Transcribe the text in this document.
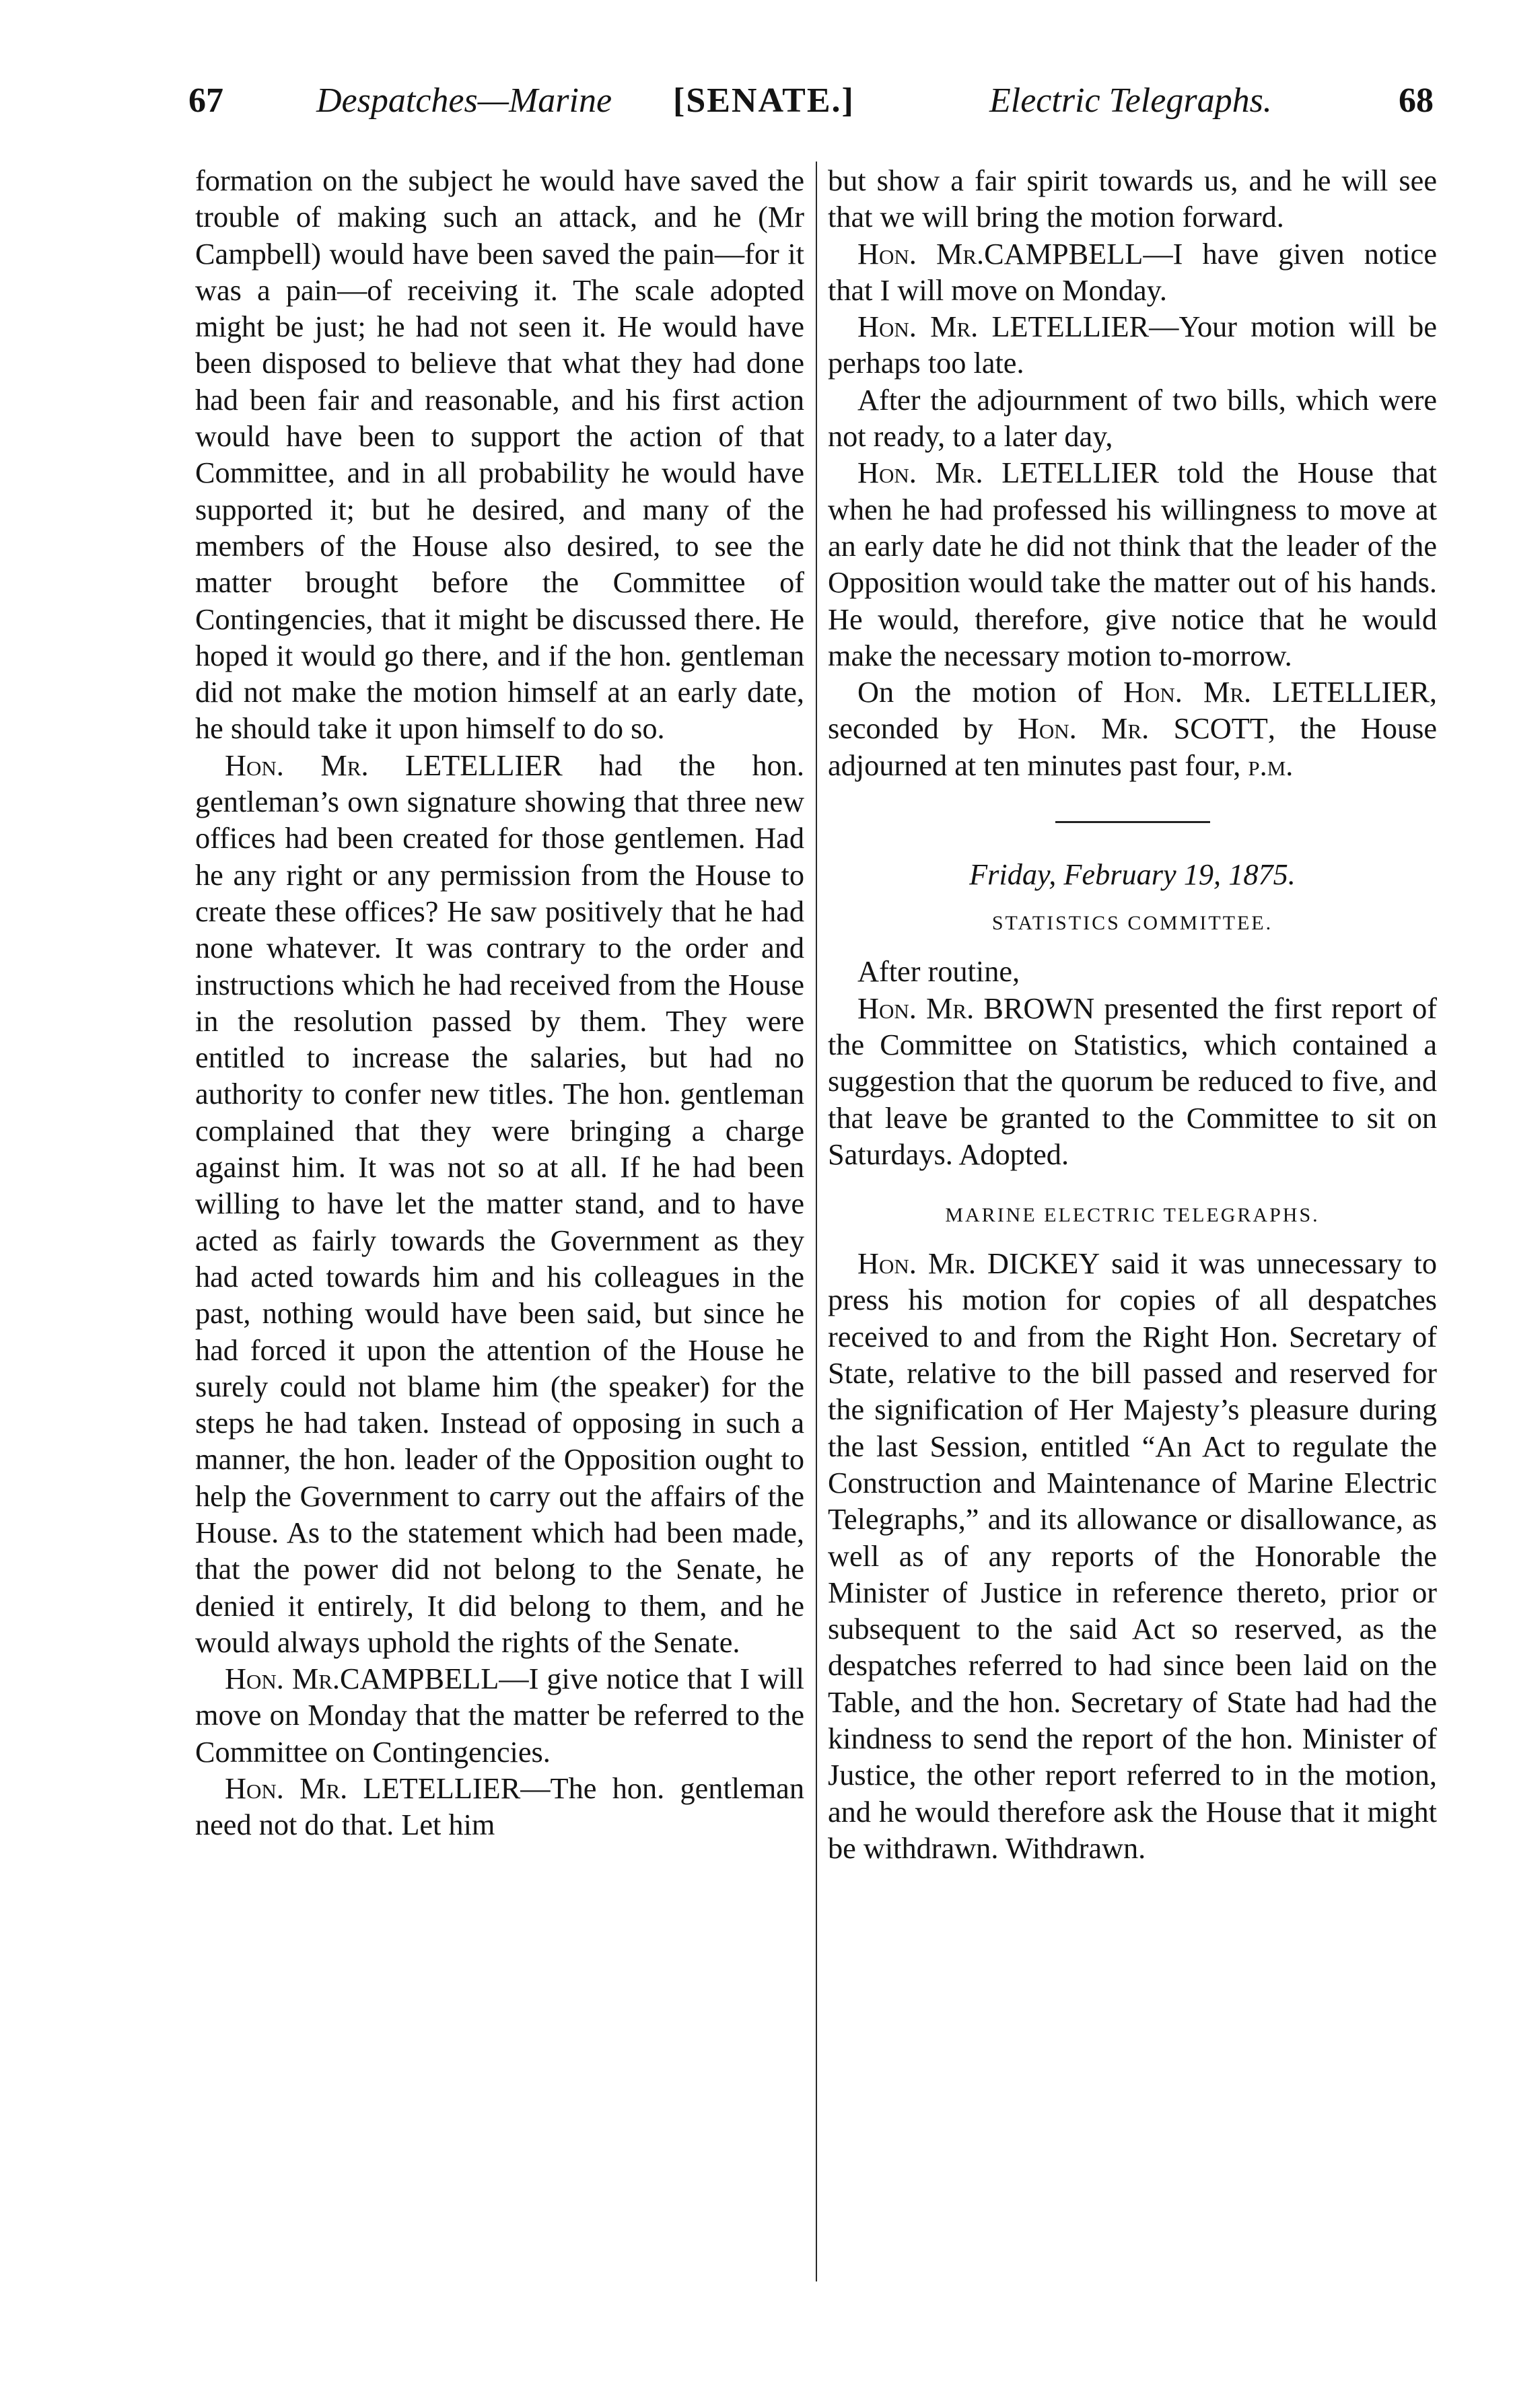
67	Despatches—Marine [SENATE.]	Electric Telegraphs.	68

formation on the subject he would have saved the trouble of making such an attack, and he (Mr Campbell) would have been saved the pain—for it was a pain—of receiving it. The scale adopted might be just; he had not seen it. He would have been disposed to believe that what they had done had been fair and reasonable, and his first action would have been to support the action of that Committee, and in all probability he would have supported it; but he desired, and many of the members of the House also desired, to see the matter brought before the Committee of Contingencies, that it might be discussed there. He hoped it would go there, and if the hon. gentleman did not make the motion himself at an early date, he should take it upon himself to do so.

Hon. Mr. LETELLIER had the hon. gentleman’s own signature showing that three new offices had been created for those gentlemen. Had he any right or any permission from the House to create these offices? He saw positively that he had none whatever. It was contrary to the order and instructions which he had received from the House in the resolution passed by them. They were entitled to increase the salaries, but had no authority to confer new titles. The hon. gentleman complained that they were bringing a charge against him. It was not so at all. If he had been willing to have let the matter stand, and to have acted as fairly towards the Government as they had acted towards him and his colleagues in the past, nothing would have been said, but since he had forced it upon the attention of the House he surely could not blame him (the speaker) for the steps he had taken. Instead of opposing in such a manner, the hon. leader of the Opposition ought to help the Government to carry out the affairs of the House. As to the statement which had been made, that the power did not belong to the Senate, he denied it entirely, It did belong to them, and he would always uphold the rights of the Senate.

Hon. Mr.CAMPBELL—I give notice that I will move on Monday that the matter be referred to the Committee on Contingencies.

Hon. Mr. LETELLIER—The hon. gentleman need not do that. Let him

but show a fair spirit towards us, and he will see that we will bring the motion forward.

Hon. Mr.CAMPBELL—I have given notice that I will move on Monday.

Hon. Mr. LETELLIER—Your motion will be perhaps too late.

After the adjournment of two bills, which were not ready, to a later day,

Hon. Mr. LETELLIER told the House that when he had professed his willingness to move at an early date he did not think that the leader of the Opposition would take the matter out of his hands. He would, therefore, give notice that he would make the necessary motion to-morrow.

On the motion of Hon. Mr. LETELLIER, seconded by Hon. Mr. SCOTT, the House adjourned at ten minutes past four, p.m.

Friday, February 19, 1875.
STATISTICS COMMITTEE.

After routine,

Hon. Mr. BROWN presented the first report of the Committee on Statistics, which contained a suggestion that the quorum be reduced to five, and that leave be granted to the Committee to sit on Saturdays. Adopted.

MARINE ELECTRIC TELEGRAPHS.

Hon. Mr. DICKEY said it was unnecessary to press his motion for copies of all despatches received to and from the Right Hon. Secretary of State, relative to the bill passed and reserved for the signification of Her Majesty’s pleasure during the last Session, entitled “An Act to regulate the Construction and Maintenance of Marine Electric Telegraphs,” and its allowance or disallowance, as well as of any reports of the Honorable the Minister of Justice in reference thereto, prior or subsequent to the said Act so reserved, as the despatches referred to had since been laid on the Table, and the hon. Secretary of State had had the kindness to send the report of the hon. Minister of Justice, the other report referred to in the motion, and he would therefore ask the House that it might be withdrawn. Withdrawn.
